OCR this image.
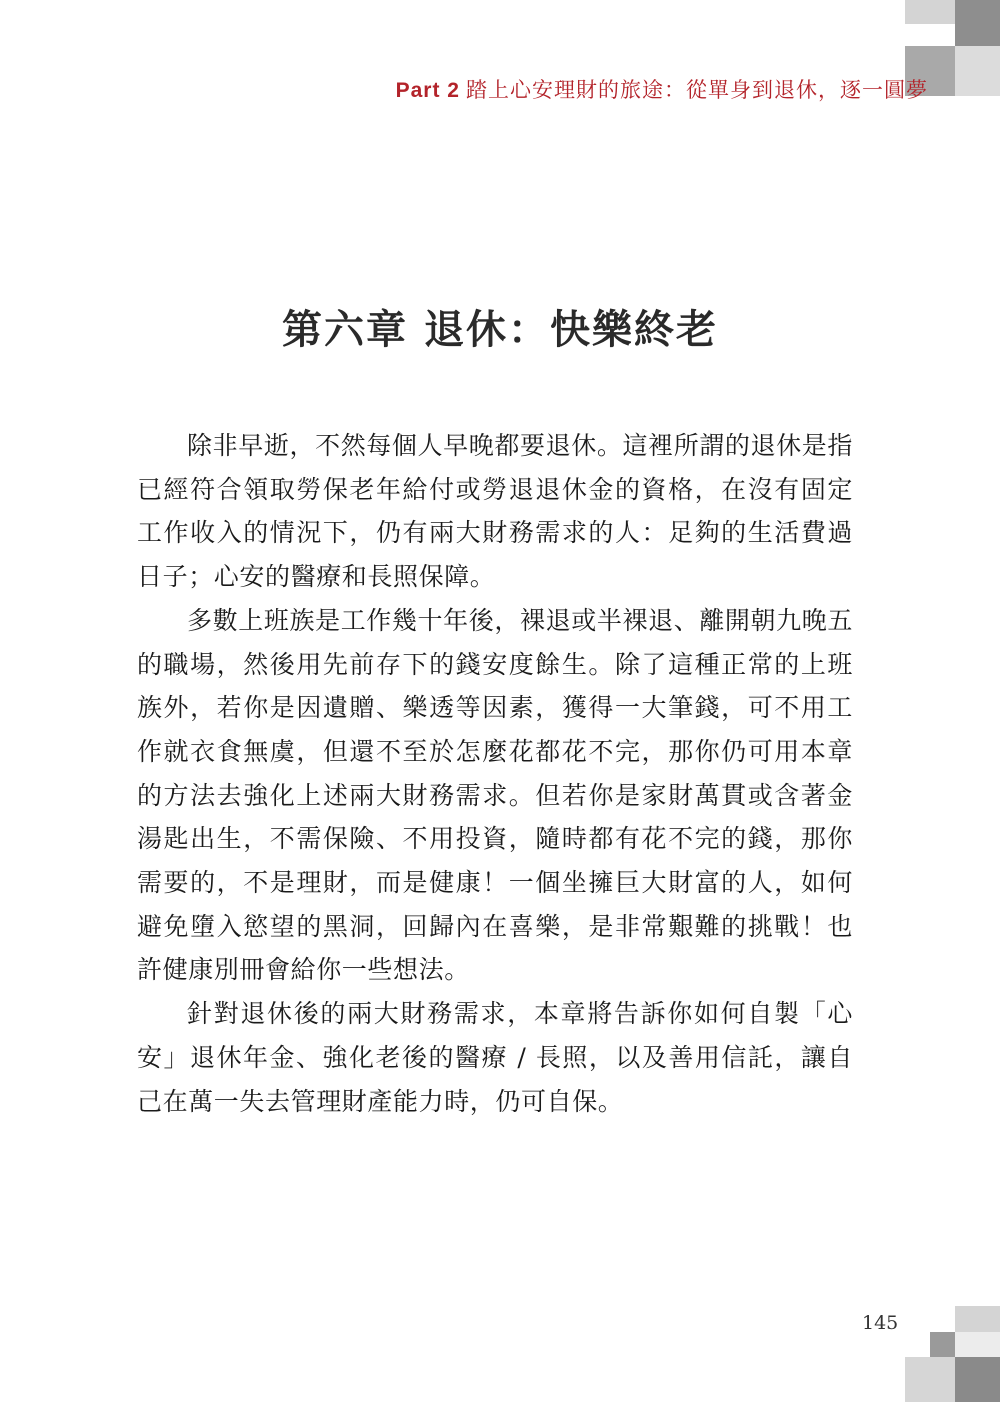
Part 2 踏上心安理財的旅途：從單身到退休，逐一圓夢
第六章 退休：快樂終老

除非早逝，不然每個人早晚都要退休。這裡所謂的退休是指已經符合領取勞保老年給付或勞退退休金的資格，在沒有固定工作收入的情況下，仍有兩大財務需求的人：足夠的生活費過日子；心安的醫療和長照保障。

多數上班族是工作幾十年後，裸退或半裸退、離開朝九晚五的職場，然後用先前存下的錢安度餘生。除了這種正常的上班族外，若你是因遺贈、樂透等因素，獲得一大筆錢，可不用工作就衣食無虞，但還不至於怎麼花都花不完，那你仍可用本章的方法去強化上述兩大財務需求。但若你是家財萬貫或含著金湯匙出生，不需保險、不用投資，隨時都有花不完的錢，那你需要的，不是理財，而是健康！一個坐擁巨大財富的人，如何避免墮入慾望的黑洞，回歸內在喜樂，是非常艱難的挑戰！也許健康別冊會給你一些想法。

針對退休後的兩大財務需求，本章將告訴你如何自製「心安」退休年金、強化老後的醫療 / 長照，以及善用信託，讓自己在萬一失去管理財產能力時，仍可自保。

145
